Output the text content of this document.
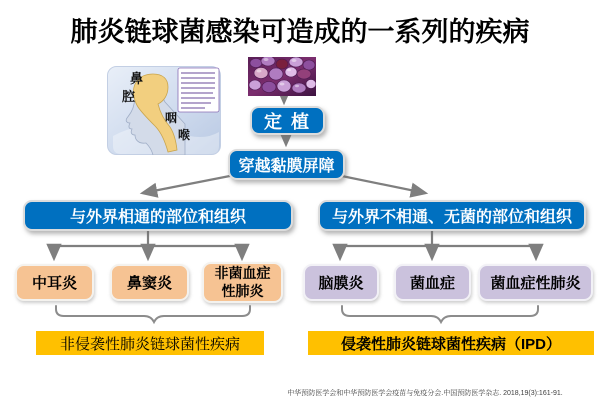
肺炎链球菌感染可造成的一系列的疾病
鼻
腔
咽
喉
定 植
穿越黏膜屏障
与外界相通的部位和组织	与外界不相通、无菌的部位和组织
中耳炎	鼻窦炎
非菌血症性肺炎	脑膜炎	菌血症 菌血症性肺炎
非侵袭性肺炎链球菌性疾病	侵袭性肺炎链球菌性疾病（IPD）
中华预防医学会和中华预防医学会疫苗与免疫分会.中国预防医学杂志. 2018,19(3):161-91.
